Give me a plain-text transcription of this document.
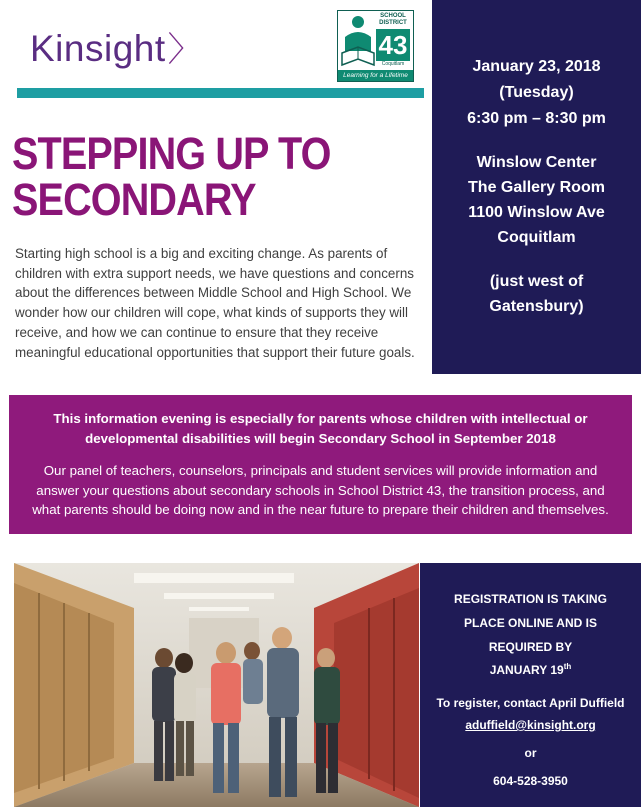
Kinsight〉
SCHOOL DISTRICT
43
Coquitlam
Learning for a Lifetime
STEPPING UP TO
SECONDARY
Starting high school is a big and exciting change. As parents of children with extra support needs, we have questions and concerns about the differences between Middle School and High School. We wonder how our children will cope, what kinds of supports they will receive, and how we can continue to ensure that they receive meaningful educational opportunities that support their future goals.
January 23, 2018
(Tuesday)
6:30 pm – 8:30 pm
Winslow Center
The Gallery Room
1100 Winslow Ave
Coquitlam
(just west of
Gatensbury)
This information evening is especially for parents whose children with intellectual or
developmental disabilities will begin Secondary School in September 2018
Our panel of teachers, counselors, principals and student services will provide information and
answer your questions about secondary schools in School District 43, the transition process, and
what parents should be doing now and in the near future to prepare their children and themselves.
REGISTRATION IS TAKING
PLACE ONLINE AND IS
REQUIRED BY
JANUARY 19th
To register, contact April Duffield
aduffield@kinsight.org
or
604-528-3950
